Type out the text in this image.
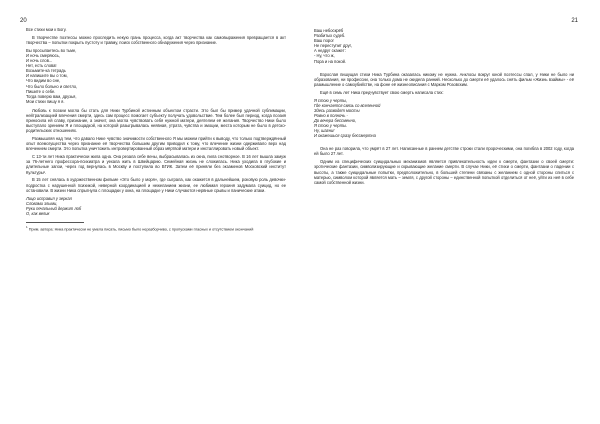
20

Все стихи мои к Богу.

В творчестве поэтессы можно проследить некую грань процесса, когда акт творчества как самовыражения превращается в акт творчества – попытки покрыть пустоту и травму, поиск собственного обнаружения через признание.

Вы просыпаетесь во тьме,
И ночь смеряюсь,
И ночь слов...
Нет, есть слова!
Возьмите-ка тетрадь
И напишите вы о том,
Что видим во сне,
Что было больно и светло,
Пишите о себе.
Тогда поверю вам, друзья,
Мои стихи пишу я я.

Любовь к поэзии могла бы стать для Ники Турбиной истинным объектом страсти. Это был бы пример удачной сублимации, нейтрализацией влечения смерти, здесь сам процесс помогает субъекту получать удовольствие. Тем более был период, когда поэзия приносила ей славу, признание, а значит, она могла чувствовать себя нужной матери, деятелем её желания. Творчество Ники было выступало зрением Я и площадкой, на которой разыгрывалась неявная, утрата, чувства и эмоции, места которым не было в детско-родительских отношениях.

Размышляя над тем, что давало Нике чувство значимости собственного Я мы можем прийти к выводу, что только подтверждённый опыт всемогущества через признание её творчества большим другим приводил к тому, что влечение жизни одерживало верх над влечением смерти. Это попытка уничтожить интровертированный образ мёртвой матери и инсталлировать новый объект.

С 13-ти лет Ника практически жила одна. Она резала себе вены, выбрасывалась из окна, пила снотворное. В 16 лет вышла замуж за 76-летнего профессора-психиатра и уехала жить в Швейцарию. Семейная жизнь не сложилась. Ника уходила в глубокие и длительные запои, через год вернулась в Москву и поступила во ВГИК. Затем её приняли без экзаменов Московский институт Культуры¹.

В 15 лет снялась в художественном фильме «Это было у моря», где сыграла, как окажется в дальнейшем, роковую роль девочки-подростка с нарушенной психикой, неверной координацией и нежеланием жизни, ее любимая героиня задумала суицид, но ее остановили. В жизни Ника спрыгнула с площадки у окна, на площадке у Ники случаются нервные срывы и панические атаки.

Лицо исправил у зеркал
Словами злыми,
Руки печальный держит лоб
О, как велик
$^1$ Прим. автора: Ника практически не умела писать, письмо было неразборчиво, с пропусками гласных и отсутствием окончаний
21
Ваш небоскрёб
Разбитых судеб.
Ваш порог
Не переступит друг,
А недруг скажет:
- Ну, что ж,
Пора и на покой.

Взрослая пишущая стихи Ника Турбина оказалась никому не нужна. Анклосы вокруг юной поэтессы спал, у Ники не было ни образования, ни профессии, она только дома не окидела ранний. Несколько до смерти её удалось снять фильм «Жизнь взаймы» - её размышление о самоубийстве, на фоне её жизнеописания с Марком Розовским.

Ещё в семь лет Ника предчувствует свою смерть написала стих:

Я стою у черты,
Где кончается связь со вселенной
Здесь разводят мосты
Ровно в полночь -
До вечера бессменно,
Я стою у черты.
Ну, шагни!
И окажешься сразу бессмертна

Она не раз говорила, что умрёт в 27 лет. Написанные в раннем детстве строки стали пророческими, она погибла в 2002 году, когда ей было 27 лет.

Одним из специфических суицидальных механизмов является привлекательность идеи к смерти, фантазии о своей смерти: эротические фантазии, символизирующие и скрывающие желание смерти. В случае Ники, её стихи о смерти, фантазии о падении с высоты, а также суицидальные попытки, предположительно, в большей степени связаны с желанием с одной стороны слиться с матерью, символом которой является мать – земля, с другой стороны – единственной попыткой отделиться от неё, уйти из неё в себе самой собственной жизни.
